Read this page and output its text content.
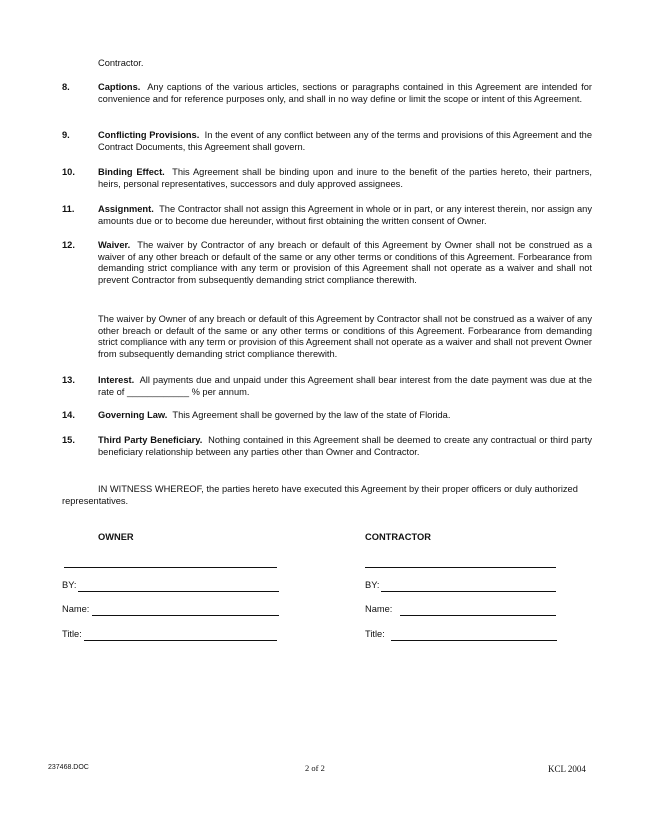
Contractor.
8.	Captions. Any captions of the various articles, sections or paragraphs contained in this Agreement are intended for convenience and for reference purposes only, and shall in no way define or limit the scope or intent of this Agreement.
9.	Conflicting Provisions. In the event of any conflict between any of the terms and provisions of this Agreement and the Contract Documents, this Agreement shall govern.
10. Binding Effect. This Agreement shall be binding upon and inure to the benefit of the parties hereto, their partners, heirs, personal representatives, successors and duly approved assignees.
11.	Assignment. The Contractor shall not assign this Agreement in whole or in part, or any interest therein, nor assign any amounts due or to become due hereunder, without first obtaining the written consent of Owner.
12. Waiver. The waiver by Contractor of any breach or default of this Agreement by Owner shall not be construed as a waiver of any other breach or default of the same or any other terms or conditions of this Agreement. Forbearance from demanding strict compliance with any term or provision of this Agreement shall not operate as a waiver and shall not prevent Contractor from subsequently demanding strict compliance therewith.
The waiver by Owner of any breach or default of this Agreement by Contractor shall not be construed as a waiver of any other breach or default of the same or any other terms or conditions of this Agreement. Forbearance from demanding strict compliance with any term or provision of this Agreement shall not operate as a waiver and shall not prevent Owner from subsequently demanding strict compliance therewith.
13. Interest. All payments due and unpaid under this Agreement shall bear interest from the date payment was due at the rate of ____________ % per annum.
14. Governing Law. This Agreement shall be governed by the law of the state of Florida.
15. Third Party Beneficiary. Nothing contained in this Agreement shall be deemed to create any contractual or third party beneficiary relationship between any parties other than Owner and Contractor.
IN WITNESS WHEREOF, the parties hereto have executed this Agreement by their proper officers or duly authorized representatives.
OWNER	CONTRACTOR
BY:	BY:
Name:	Name:
Title:	Title:
237468.DOC	2 of 2	KCL 2004
